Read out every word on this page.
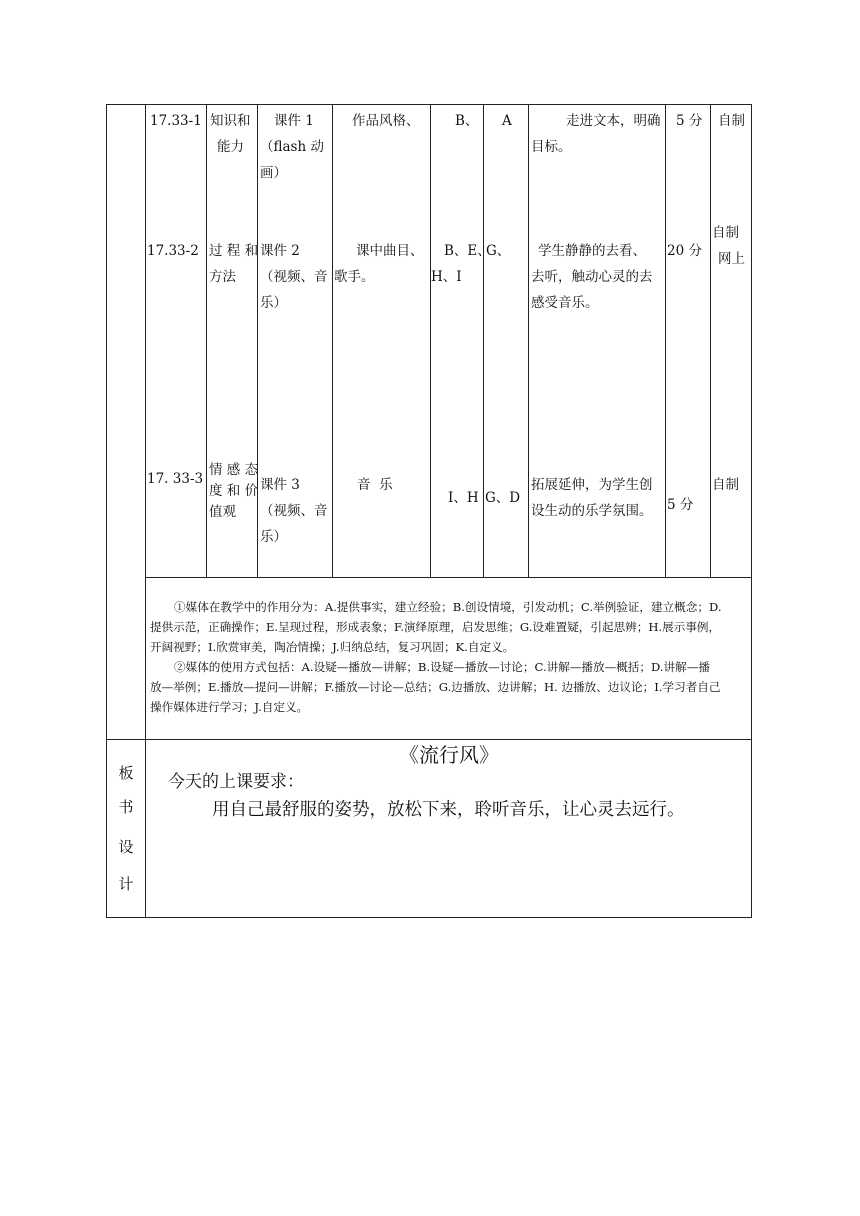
17.33-1 知识和
能力
课件 1
（flash 动
画）
作品风格、	B、 A	走进文本，明确
目标。
5 分 自制
17.33-2 过 程 和
方法
课件 2
（视频、音
乐）
课中曲目、
歌手。
B、E、
H、I
G、 学生静静的去看、
去听，触动心灵的去
感受音乐。
20 分
自制
网上
17. 33-3
情 感 态
度 和 价
值观
课件 3
（视频、音
乐）
音  乐
I、H G、D
拓展延伸，为学生创
设生动的乐学氛围。 5 分
自制
①媒体在教学中的作用分为：A.提供事实，建立经验；B.创设情境，引发动机；C.举例验证，建立概念；D.
提供示范，正确操作；E.呈现过程，形成表象；F.演绎原理，启发思维；G.设难置疑，引起思辨；H.展示事例，
开阔视野；I.欣赏审美，陶冶情操；J.归纳总结，复习巩固；K.自定义。
②媒体的使用方式包括：A.设疑—播放—讲解；B.设疑—播放—讨论；C.讲解—播放—概括；D.讲解—播
放—举例；E.播放—提问—讲解；F.播放—讨论—总结；G.边播放、边讲解；H. 边播放、边议论；I.学习者自己
操作媒体进行学习；J.自定义。
板
书
设
计
《流行风》
今天的上课要求：
用自己最舒服的姿势，放松下来，聆听音乐，让心灵去远行。
